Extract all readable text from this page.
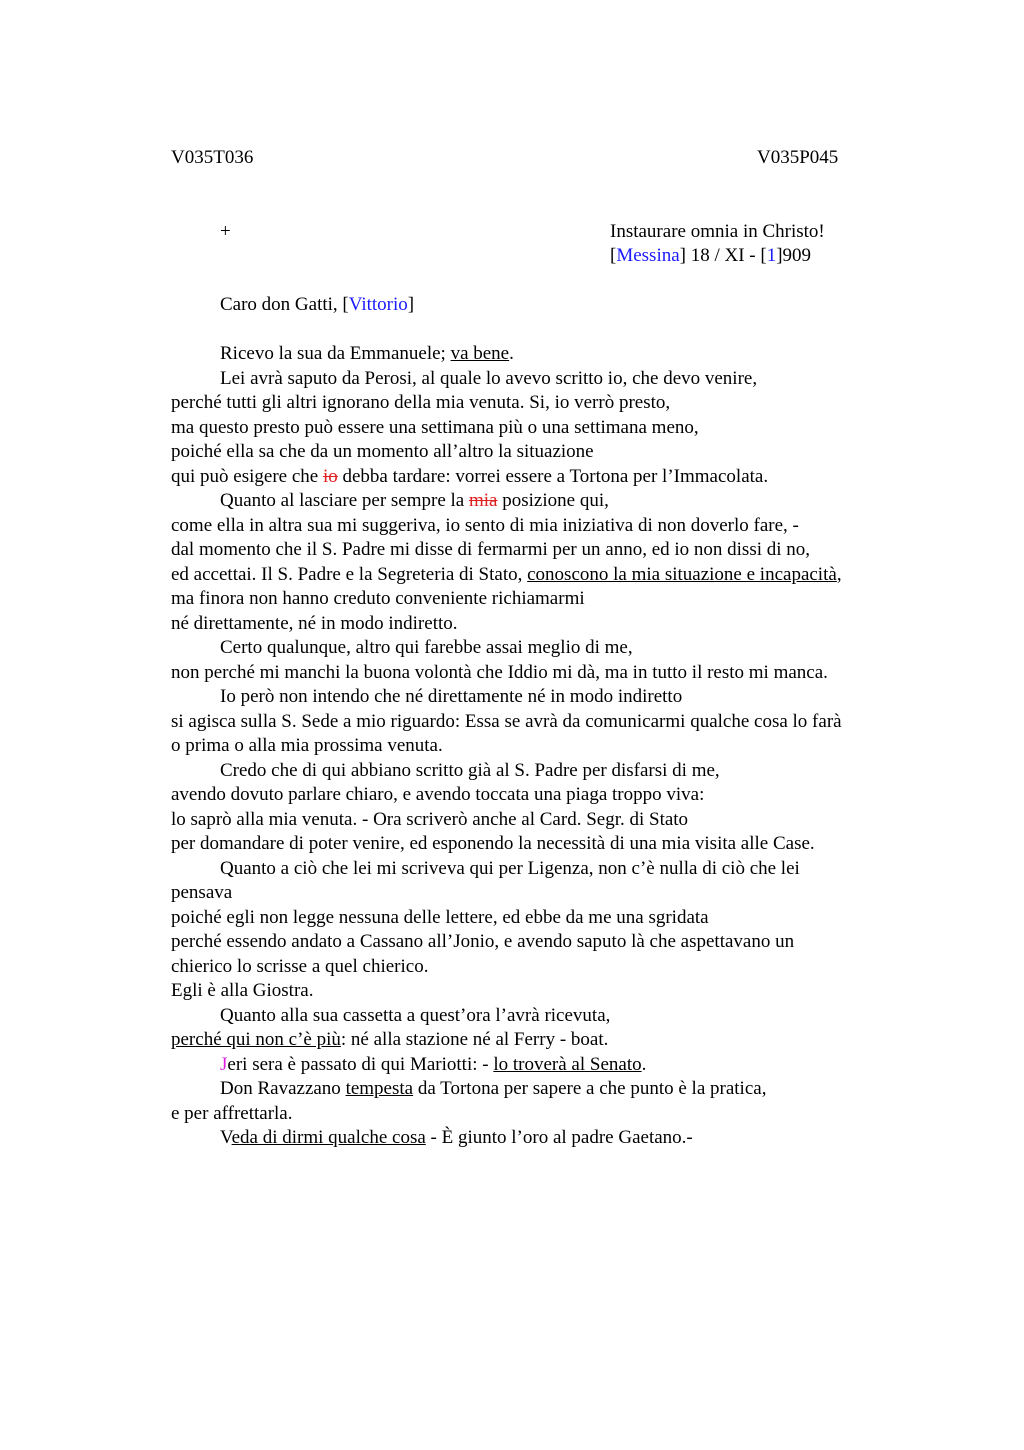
V035T036	V035P045
+	Instaurare omnia in Christo!
[Messina] 18 / XI - [1]909
Caro don Gatti, [Vittorio]
Ricevo la sua da Emmanuele; va bene.
Lei avrà saputo da Perosi, al quale lo avevo scritto io, che devo venire,
perché tutti gli altri ignorano della mia venuta. Si, io verrò presto,
ma questo presto può essere una settimana più o una settimana meno,
poiché ella sa che da un momento all’altro la situazione
qui può esigere che io debba tardare: vorrei essere a Tortona per l’Immacolata.
Quanto al lasciare per sempre la mia posizione qui,
come ella in altra sua mi suggeriva, io sento di mia iniziativa di non doverlo fare, -
dal momento che il S. Padre mi disse di fermarmi per un anno, ed io non dissi di no,
ed accettai. Il S. Padre e la Segreteria di Stato, conoscono la mia situazione e incapacità,
ma finora non hanno creduto conveniente richiamarmi
né direttamente, né in modo indiretto.
Certo qualunque, altro qui farebbe assai meglio di me,
non perché mi manchi la buona volontà che Iddio mi dà, ma in tutto il resto mi manca.
Io però non intendo che né direttamente né in modo indiretto
si agisca sulla S. Sede a mio riguardo: Essa se avrà da comunicarmi qualche cosa lo farà
o prima o alla mia prossima venuta.
Credo che di qui abbiano scritto già al S. Padre per disfarsi di me,
avendo dovuto parlare chiaro, e avendo toccata una piaga troppo viva:
lo saprò alla mia venuta. - Ora scriverò anche al Card. Segr. di Stato
per domandare di poter venire, ed esponendo la necessità di una mia visita alle Case.
Quanto a ciò che lei mi scriveva qui per Ligenza, non c’è nulla di ciò che lei
pensava
poiché egli non legge nessuna delle lettere, ed ebbe da me una sgridata
perché essendo andato a Cassano all’Jonio, e avendo saputo là che aspettavano un
chierico lo scrisse a quel chierico.
Egli è alla Giostra.
Quanto alla sua cassetta a quest’ora l’avrà ricevuta,
perché qui non c’è più: né alla stazione né al Ferry - boat.
Jeri sera è passato di qui Mariotti: - lo troverà al Senato.
Don Ravazzano tempesta da Tortona per sapere a che punto è la pratica,
e per affrettarla.
Veda di dirmi qualche cosa - È giunto l’oro al padre Gaetano.-
